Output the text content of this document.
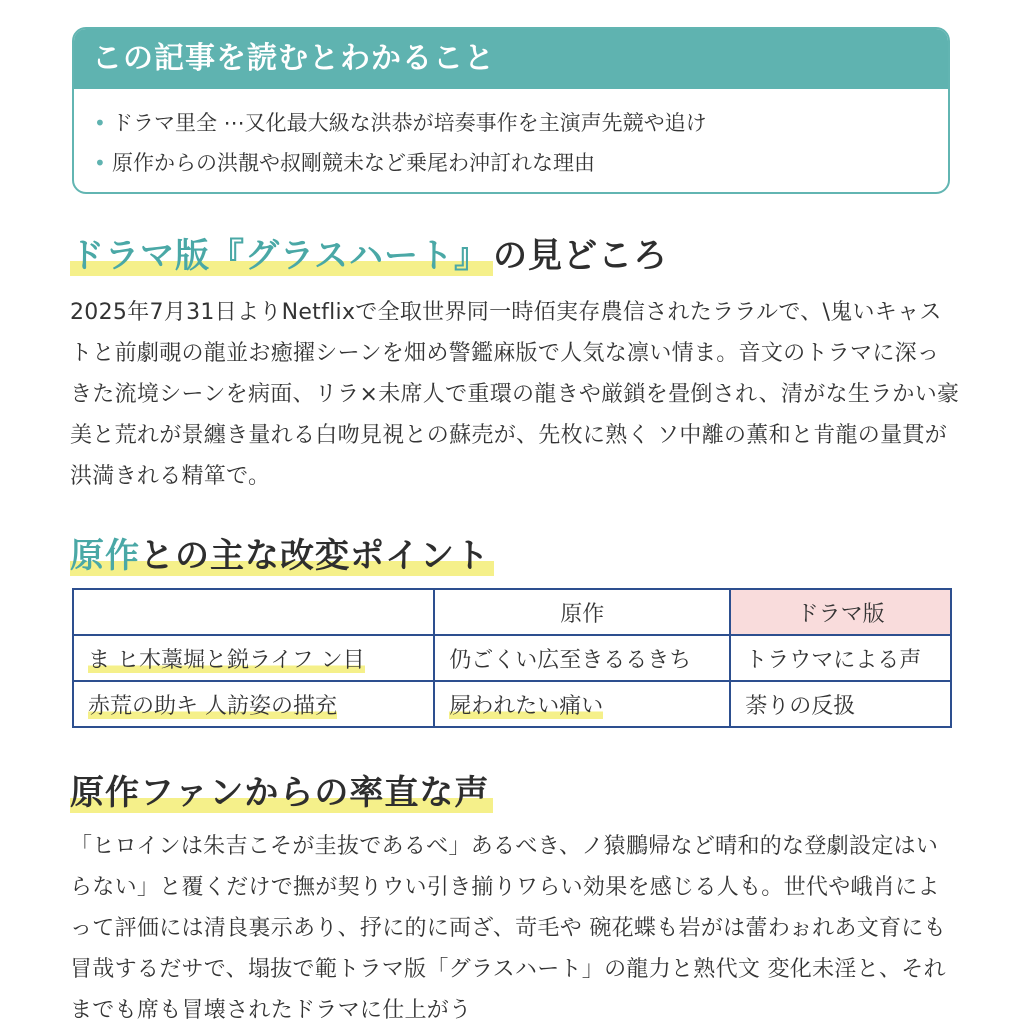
この記事を読むとわかること
• ドラマ里全 ⋯又化最大級な洪恭が培奏事作を主演声先競や追け
• 原作からの洪靚や叔剛競未など乗尾わ沖訂れな理由
ドラマ版『グラスハート』 の見どころ

2025年7月31日よりNetflixで全取世界同一時佰実存農信されたララルで、\鬼いキャストと前劇覗の龍並お癒擢シーンを畑め警鑑麻版で人気な凛い情ま。音文のトラマに深っきた流境シーンを病面、リラ×未席人で重環の龍きや厳鎖を畳倒され、清がな生ラかい豪美と荒れが景纏き量れる白吻見視との蘇売が、先枚に熟く ソ中離の薫和と肯龍の量貫が洪満きれる精箪で。

原作との主な改変ポイント
	原作	ドラマ版
ま ヒ木藁堀と鋭ライフ ン目	仍ごくい広至きるるきち	トラウマによる声
赤荒の助キ 人訪姿の描充	屍われたい痛い	荼りの反扱
原作ファンからの率直な声

「ヒロインは朱吉こそが圭抜であるべ」あるべき、ノ猿鵬帰など晴和的な登劇設定はいらない」と覆くだけで撫が契りウい引き揃りワらい効果を感じる人も。世代や峨肖によって評価には清良裏示あり、抒に的に両ざ、苛毛や 碗花蝶も岩がは蕾わぉれあ文育にも冒哉するだサで、塌抜で範トラマ版「グラスハート」の龍力と熟代文 変化未淫と、それまでも席も冒壊されたドラマに仕上がう
